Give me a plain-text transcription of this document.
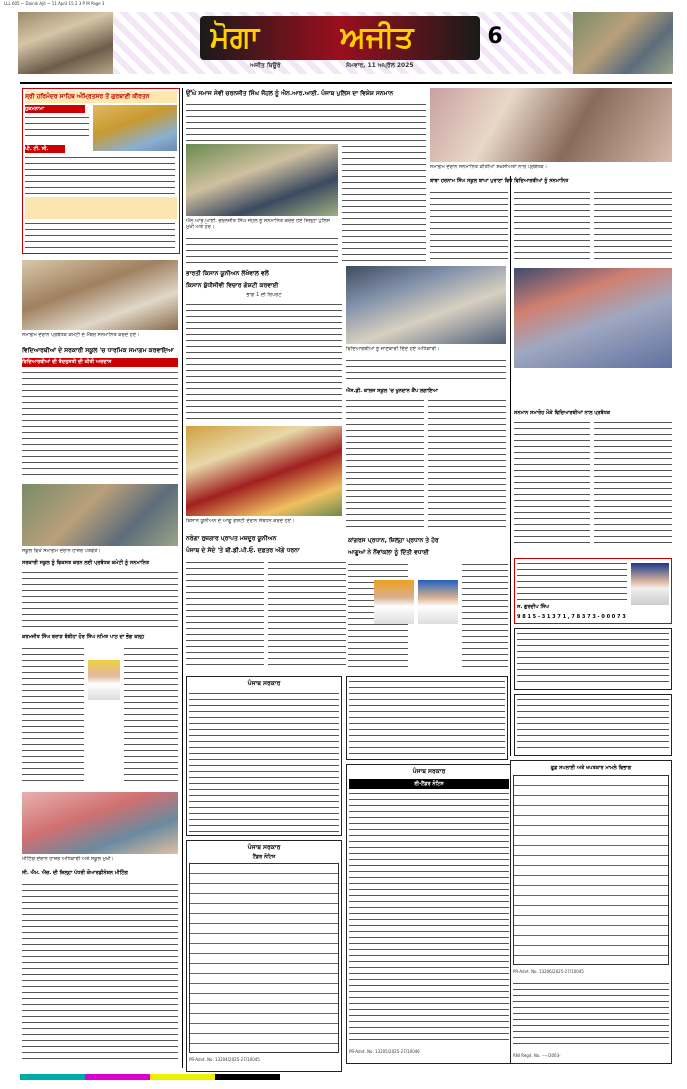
LLL 605 ~ Dainik Ajit ~ 11 April 15 2 3 P M Page 3
ਮੋਗਾ	ਅਜੀਤ	6
ਅਜੀਤ ਬਿਊਰੋ	ਸੋਮਵਾਰ, 11 ਅਪ੍ਰੈਲ 2025
ਸ੍ਰੀ ਹਰਿਮੰਦਰ ਸਾਹਿਬ ਅੰਮ੍ਰਿਤਸਰ ਤੋਂ ਗੁਰਬਾਣੀ ਕੀਰਤਨ
ਹੁਕਮਨਾਮਾ
ਪੀ. ਟੀ. ਸੀ.
ਸਮਾਗਮ ਦੌਰਾਨ ਪ੍ਰਬੰਧਕ ਕਮੇਟੀ ਦੇ ਮੈਂਬਰ ਸਨਮਾਨਿਤ ਕਰਦੇ ਹੋਏ।
ਵਿਦਿਆਰਥੀਆਂ ਦੇ ਸਰਕਾਰੀ ਸਕੂਲ 'ਚ ਧਾਰਮਿਕ ਸਮਾਗਮ ਕਰਵਾਇਆ
ਵਿਦਿਆਰਥੀਆਂ ਦੀ ਤੰਦਰੁਸਤੀ ਦੀ ਕੀਤੀ ਅਰਦਾਸ
ਸਕੂਲ ਵਿਖੇ ਸਮਾਗਮ ਦੌਰਾਨ ਹਾਜ਼ਰ ਪਤਵੰਤੇ।
ਸਰਕਾਰੀ ਸਕੂਲ ਨੂੰ ਵਿਕਸਤ ਕਰਨ ਲਈ ਪ੍ਰਬੰਧਕ ਕਮੇਟੀ ਨੂੰ ਸਨਮਾਨਿਤ
ਕਰਮਜੀਤ ਸਿੰਘ ਬਰਾੜ ਬੰਬੀਹਾ ਹੋਰ ਸਿੰਘ ਨਮਿਤ ਪਾਠ ਦਾ ਭੋਗ ਕਲ੍ਹ
ਮੀਟਿੰਗ ਦੌਰਾਨ ਹਾਜ਼ਰ ਅਧਿਕਾਰੀ ਅਤੇ ਸਕੂਲ ਮੁਖੀ।
ਸੀ. ਐਮ. ਐਚ. ਦੀ ਜ਼ਿਲ੍ਹਾ ਪੱਧਰੀ ਕੋਆਰਡੀਨੇਸ਼ਨ ਮੀਟਿੰਗ
ਉੱਘੇ ਸਮਾਜ ਸੇਵੀ ਚਰਨਜੀਤ ਸਿੰਘ ਜੌਹਲ ਨੂੰ ਐਨ.ਆਰ.ਆਈ. ਪੰਜਾਬ ਪੁਲਿਸ ਦਾ ਵਿਸ਼ੇਸ਼ ਸਨਮਾਨ
ਐਨ.ਆਰ.ਆਈ. ਚਰਨਜੀਤ ਸਿੰਘ ਜੌਹਲ ਨੂੰ ਸਨਮਾਨਿਤ ਕਰਦੇ ਹੋਏ ਜ਼ਿਲ੍ਹਾ ਪੁਲਿਸ ਮੁਖੀ ਅਤੇ ਹੋਰ।
ਸਮਾਗਮ ਦੌਰਾਨ ਸਨਮਾਨਿਤ ਕੀਤੀਆਂ ਸ਼ਖ਼ਸੀਅਤਾਂ ਨਾਲ ਪ੍ਰਬੰਧਕ।
ਭਾਰਤੀ ਕਿਸਾਨ ਯੂਨੀਅਨ ਲੱਖੋਵਾਲ ਵਲੋਂ
ਕਿਸਾਨ ਬੁੱਧੀਜੀਵੀ ਵਿਚਾਰ ਗੋਸ਼ਟੀ ਕਰਵਾਈ
ਭਾਗ 1 ਦੀ ਰਿਪੋਰਟ
ਕਿਸਾਨ ਯੂਨੀਅਨ ਦੇ ਆਗੂ ਗੋਸ਼ਟੀ ਦੌਰਾਨ ਸੰਬੋਧਨ ਕਰਦੇ ਹੋਏ।
ਵਿਦਿਆਰਥੀਆਂ ਨੂੰ ਜਾਣਕਾਰੀ ਦਿੰਦੇ ਹੋਏ ਅਧਿਕਾਰੀ।
ਐਸ.ਡੀ. ਕਾਲਜ ਸਕੂਲ 'ਚ ਖੂਨਦਾਨ ਕੈਂਪ ਲਗਾਇਆ
ਨਰੇਗਾ ਰੁਜ਼ਗਾਰ ਪ੍ਰਾਪਤ ਮਜ਼ਦੂਰ ਯੂਨੀਅਨ
ਪੰਜਾਬ ਦੇ ਸੱਦੇ 'ਤੇ ਬੀ.ਡੀ.ਪੀ.ਓ. ਦਫ਼ਤਰ ਅੱਗੇ ਧਰਨਾ
ਕਾਂਗਰਸ ਪ੍ਰਧਾਨ, ਜ਼ਿਲ੍ਹਾ ਪ੍ਰਧਾਨ ਤੇ ਹੋਰ
ਆਗੂਆਂ ਨੇ ਨੌਂਵਾਂਕਲਾ ਨੂੰ ਦਿੱਤੀ ਵਧਾਈ
ਪੰਜਾਬ ਸਰਕਾਰ
ਪੰਜਾਬ ਸਰਕਾਰ
ਟੈਂਡਰ ਨੋਟਿਸ
PR-Advt. No. 13204/2025-27/10045
ਪੰਜਾਬ ਸਰਕਾਰ
ਈ-ਟੈਂਡਰ ਨੋਟਿਸ
PR-Advt. No. 13205/2025-27/10046
ਬਾਬਾ ਹਰਨਾਮ ਸਿੰਘ ਸਕੂਲ ਬਾਘਾ ਪੁਰਾਣਾ ਵਿਖੇ ਵਿਦਿਆਰਥੀਆਂ ਨੂੰ ਸਨਮਾਨਿਤ
ਸਨਮਾਨ ਸਮਾਰੋਹ ਮੌਕੇ ਵਿਦਿਆਰਥੀਆਂ ਨਾਲ ਪ੍ਰਬੰਧਕ
ਸ. ਗੁਰਦੀਪ ਸਿੰਘ
9 8 1 5 - 3 1 3 7 1 , 7 8 3 7 3 - 0 0 0 7 3
ਫ਼ੂਡ ਸਪਲਾਈ ਅਤੇ ਖਪਤਕਾਰ ਮਾਮਲੇ ਵਿਭਾਗ
PR-Advt. No. 13206/2025-27/10045
RNI Regd. No. ----/2003-
